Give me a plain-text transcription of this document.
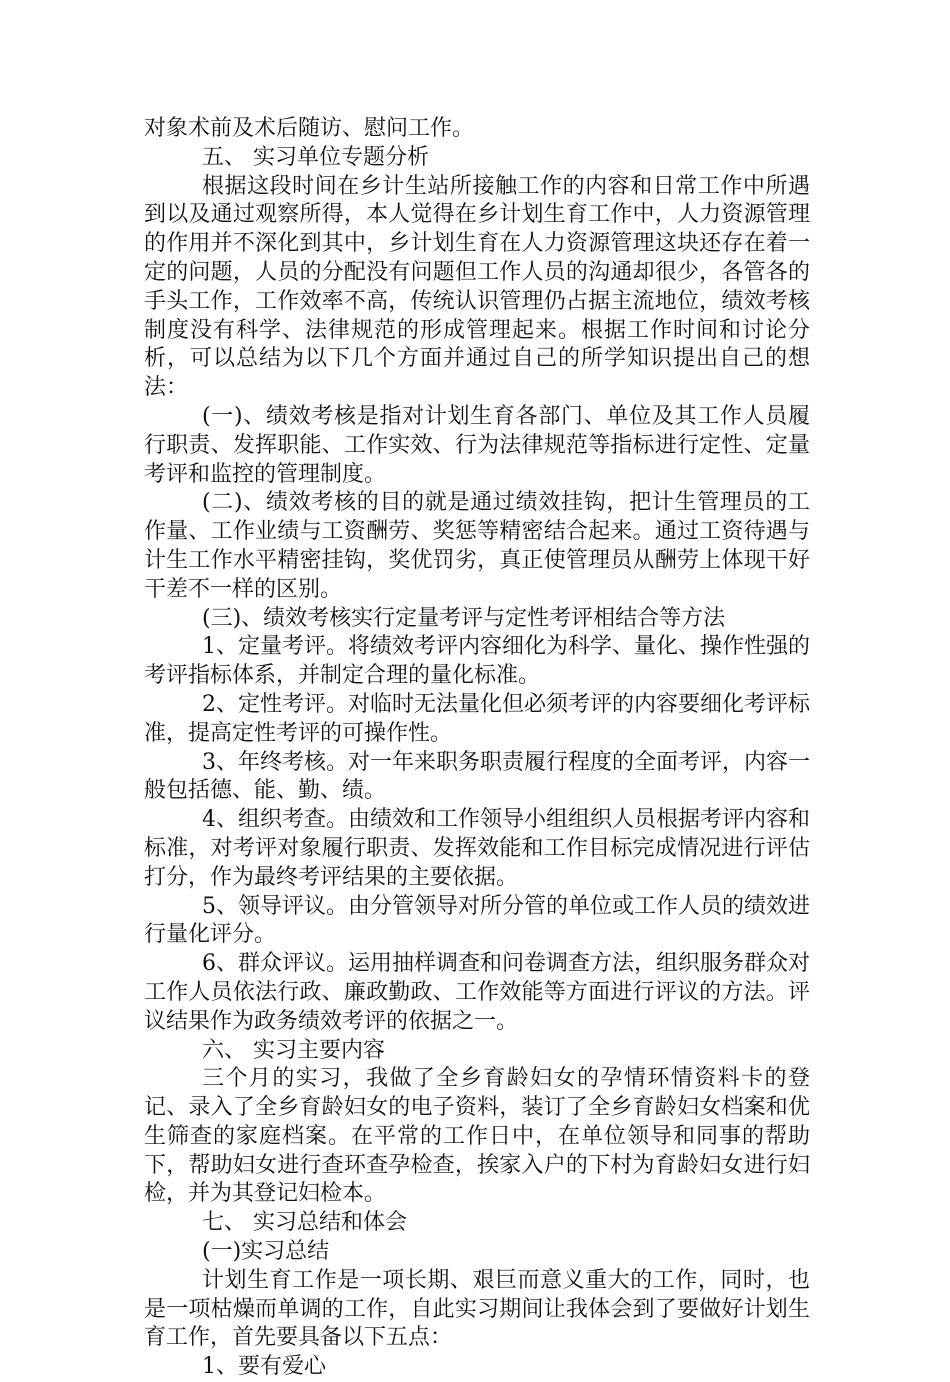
对象术前及术后随访、慰问工作。

五、 实习单位专题分析

根据这段时间在乡计生站所接触工作的内容和日常工作中所遇到以及通过观察所得，本人觉得在乡计划生育工作中，人力资源管理的作用并不深化到其中，乡计划生育在人力资源管理这块还存在着一定的问题，人员的分配没有问题但工作人员的沟通却很少，各管各的手头工作，工作效率不高，传统认识管理仍占据主流地位，绩效考核制度没有科学、法律规范的形成管理起来。根据工作时间和讨论分析，可以总结为以下几个方面并通过自己的所学知识提出自己的想法：

(一)、绩效考核是指对计划生育各部门、单位及其工作人员履行职责、发挥职能、工作实效、行为法律规范等指标进行定性、定量考评和监控的管理制度。

(二)、绩效考核的目的就是通过绩效挂钩，把计生管理员的工作量、工作业绩与工资酬劳、奖惩等精密结合起来。通过工资待遇与计生工作水平精密挂钩，奖优罚劣，真正使管理员从酬劳上体现干好干差不一样的区别。

(三)、绩效考核实行定量考评与定性考评相结合等方法

1、定量考评。将绩效考评内容细化为科学、量化、操作性强的考评指标体系，并制定合理的量化标准。

2、定性考评。对临时无法量化但必须考评的内容要细化考评标准，提高定性考评的可操作性。

3、年终考核。对一年来职务职责履行程度的全面考评，内容一般包括德、能、勤、绩。

4、组织考查。由绩效和工作领导小组组织人员根据考评内容和标准，对考评对象履行职责、发挥效能和工作目标完成情况进行评估打分，作为最终考评结果的主要依据。

5、领导评议。由分管领导对所分管的单位或工作人员的绩效进行量化评分。

6、群众评议。运用抽样调查和问卷调查方法，组织服务群众对工作人员依法行政、廉政勤政、工作效能等方面进行评议的方法。评议结果作为政务绩效考评的依据之一。

六、 实习主要内容

三个月的实习，我做了全乡育龄妇女的孕情环情资料卡的登记、录入了全乡育龄妇女的电子资料，装订了全乡育龄妇女档案和优生筛查的家庭档案。在平常的工作日中，在单位领导和同事的帮助下，帮助妇女进行查环查孕检查，挨家入户的下村为育龄妇女进行妇检，并为其登记妇检本。

七、 实习总结和体会

(一)实习总结

计划生育工作是一项长期、艰巨而意义重大的工作，同时，也是一项枯燥而单调的工作，自此实习期间让我体会到了要做好计划生育工作，首先要具备以下五点：

1、要有爱心
